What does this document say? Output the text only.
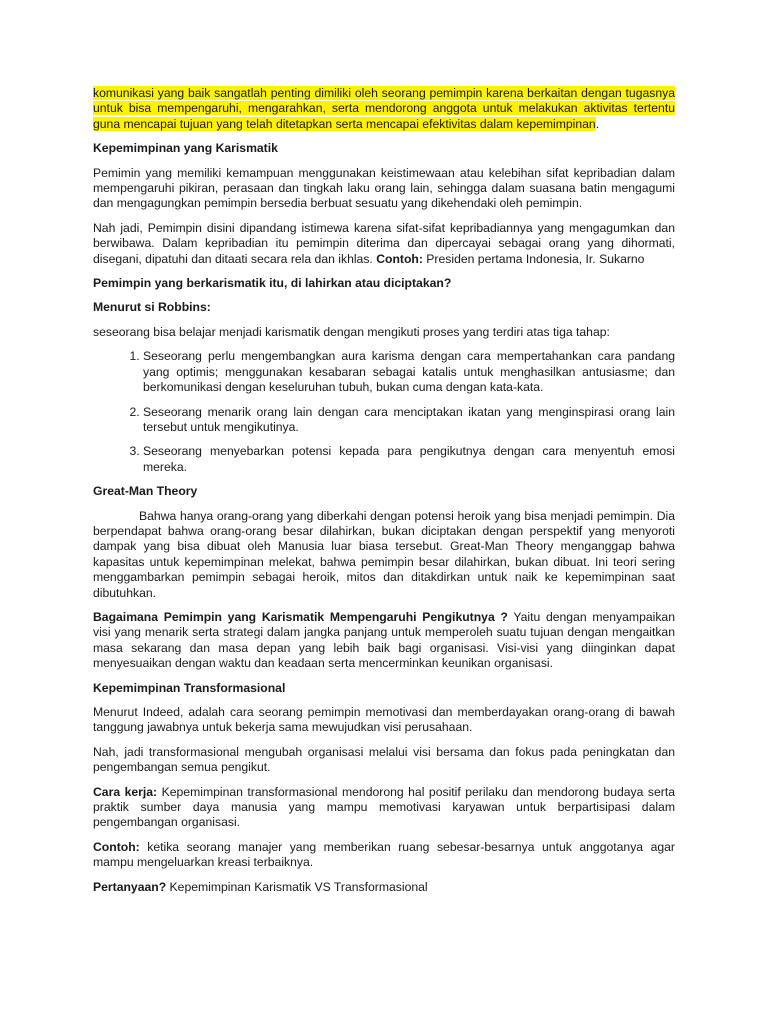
komunikasi yang baik sangatlah penting dimiliki oleh seorang pemimpin karena berkaitan dengan tugasnya untuk bisa mempengaruhi, mengarahkan, serta mendorong anggota untuk melakukan aktivitas tertentu guna mencapai tujuan yang telah ditetapkan serta mencapai efektivitas dalam kepemimpinan.

Kepemimpinan yang Karismatik

Pemimin yang memiliki kemampuan menggunakan keistimewaan atau kelebihan sifat kepribadian dalam mempengaruhi pikiran, perasaan dan tingkah laku orang lain, sehingga dalam suasana batin mengagumi dan mengagungkan pemimpin bersedia berbuat sesuatu yang dikehendaki oleh pemimpin.

Nah jadi, Pemimpin disini dipandang istimewa karena sifat-sifat kepribadiannya yang mengagumkan dan berwibawa. Dalam kepribadian itu pemimpin diterima dan dipercayai sebagai orang yang dihormati, disegani, dipatuhi dan ditaati secara rela dan ikhlas. Contoh: Presiden pertama Indonesia, Ir. Sukarno

Pemimpin yang berkarismatik itu, di lahirkan atau diciptakan?

Menurut si Robbins:

seseorang bisa belajar menjadi karismatik dengan mengikuti proses yang terdiri atas tiga tahap:

1. Seseorang perlu mengembangkan aura karisma dengan cara mempertahankan cara pandang yang optimis; menggunakan kesabaran sebagai katalis untuk menghasilkan antusiasme; dan berkomunikasi dengan keseluruhan tubuh, bukan cuma dengan kata-kata.
2. Seseorang menarik orang lain dengan cara menciptakan ikatan yang menginspirasi orang lain tersebut untuk mengikutinya.
3. Seseorang menyebarkan potensi kepada para pengikutnya dengan cara menyentuh emosi mereka.

Great-Man Theory

Bahwa hanya orang-orang yang diberkahi dengan potensi heroik yang bisa menjadi pemimpin. Dia berpendapat bahwa orang-orang besar dilahirkan, bukan diciptakan dengan perspektif yang menyoroti dampak yang bisa dibuat oleh Manusia luar biasa tersebut. Great-Man Theory menganggap bahwa kapasitas untuk kepemimpinan melekat, bahwa pemimpin besar dilahirkan, bukan dibuat. Ini teori sering menggambarkan pemimpin sebagai heroik, mitos dan ditakdirkan untuk naik ke kepemimpinan saat dibutuhkan.

Bagaimana Pemimpin yang Karismatik Mempengaruhi Pengikutnya ? Yaitu dengan menyampaikan visi yang menarik serta strategi dalam jangka panjang untuk memperoleh suatu tujuan dengan mengaitkan masa sekarang dan masa depan yang lebih baik bagi organisasi. Visi-visi yang diinginkan dapat menyesuaikan dengan waktu dan keadaan serta mencerminkan keunikan organisasi.

Kepemimpinan Transformasional

Menurut Indeed, adalah cara seorang pemimpin memotivasi dan memberdayakan orang-orang di bawah tanggung jawabnya untuk bekerja sama mewujudkan visi perusahaan.

Nah, jadi transformasional mengubah organisasi melalui visi bersama dan fokus pada peningkatan dan pengembangan semua pengikut.

Cara kerja: Kepemimpinan transformasional mendorong hal positif perilaku dan mendorong budaya serta praktik sumber daya manusia yang mampu memotivasi karyawan untuk berpartisipasi dalam pengembangan organisasi.

Contoh: ketika seorang manajer yang memberikan ruang sebesar-besarnya untuk anggotanya agar mampu mengeluarkan kreasi terbaiknya.

Pertanyaan? Kepemimpinan Karismatik VS Transformasional
